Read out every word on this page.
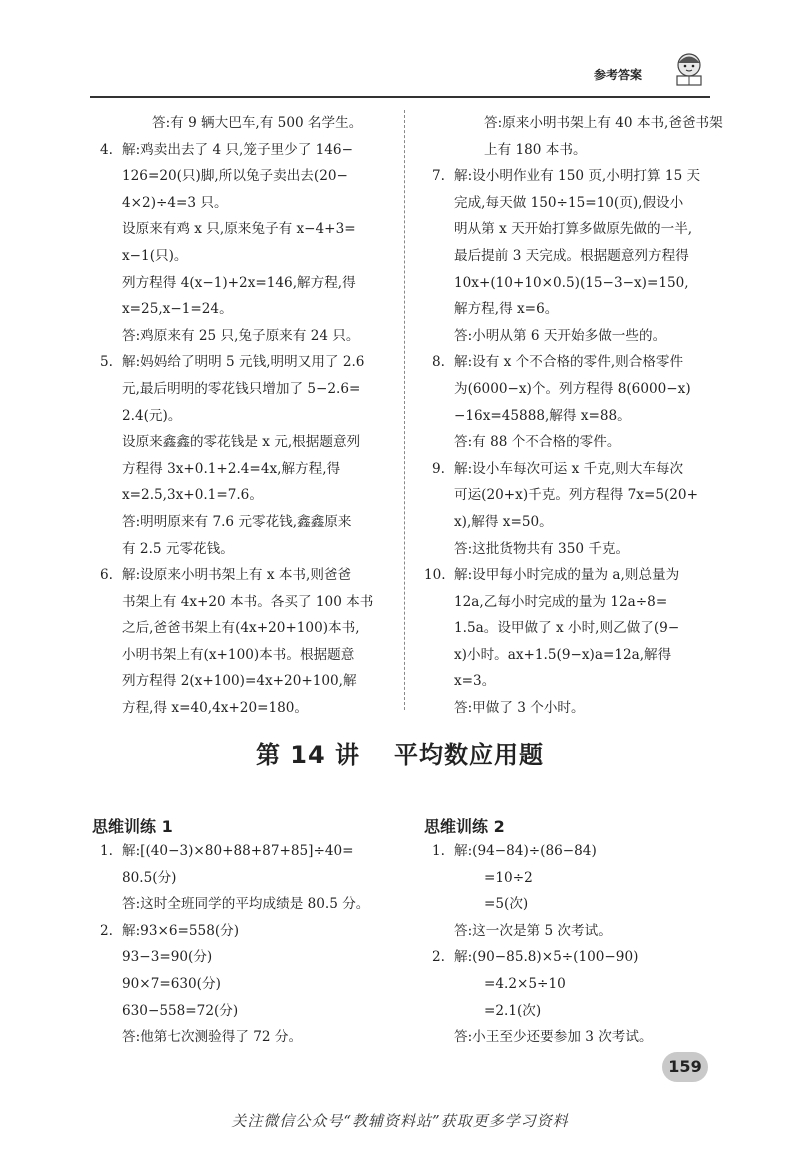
参考答案
答:有 9 辆大巴车,有 500 名学生。
4. 解:鸡卖出去了 4 只,笼子里少了 146−
126=20(只)脚,所以兔子卖出去(20−
4×2)÷4=3 只。
设原来有鸡 x 只,原来兔子有 x−4+3=
x−1(只)。
列方程得 4(x−1)+2x=146,解方程,得
x=25,x−1=24。
答:鸡原来有 25 只,兔子原来有 24 只。
5. 解:妈妈给了明明 5 元钱,明明又用了 2.6
元,最后明明的零花钱只增加了 5−2.6=
2.4(元)。
设原来鑫鑫的零花钱是 x 元,根据题意列
方程得 3x+0.1+2.4=4x,解方程,得
x=2.5,3x+0.1=7.6。
答:明明原来有 7.6 元零花钱,鑫鑫原来
有 2.5 元零花钱。
6. 解:设原来小明书架上有 x 本书,则爸爸
书架上有 4x+20 本书。各买了 100 本书
之后,爸爸书架上有(4x+20+100)本书,
小明书架上有(x+100)本书。根据题意
列方程得 2(x+100)=4x+20+100,解
方程,得 x=40,4x+20=180。
答:原来小明书架上有 40 本书,爸爸书架
上有 180 本书。
7. 解:设小明作业有 150 页,小明打算 15 天
完成,每天做 150÷15=10(页),假设小
明从第 x 天开始打算多做原先做的一半,
最后提前 3 天完成。根据题意列方程得
10x+(10+10×0.5)(15−3−x)=150,
解方程,得 x=6。
答:小明从第 6 天开始多做一些的。
8. 解:设有 x 个不合格的零件,则合格零件
为(6000−x)个。列方程得 8(6000−x)
−16x=45888,解得 x=88。
答:有 88 个不合格的零件。
9. 解:设小车每次可运 x 千克,则大车每次
可运(20+x)千克。列方程得 7x=5(20+
x),解得 x=50。
答:这批货物共有 350 千克。
10. 解:设甲每小时完成的量为 a,则总量为
12a,乙每小时完成的量为 12a÷8=
1.5a。设甲做了 x 小时,则乙做了(9−
x)小时。ax+1.5(9−x)a=12a,解得
x=3。
答:甲做了 3 个小时。
第 14 讲 平均数应用题
思维训练 1	思维训练 2
1. 解:[(40−3)×80+88+87+85]÷40=
80.5(分)
答:这时全班同学的平均成绩是 80.5 分。
2. 解:93×6=558(分)
93−3=90(分)
90×7=630(分)
630−558=72(分)
答:他第七次测验得了 72 分。
1. 解:(94−84)÷(86−84)
=10÷2
=5(次)
答:这一次是第 5 次考试。
2. 解:(90−85.8)×5÷(100−90)
=4.2×5÷10
=2.1(次)
答:小王至少还要参加 3 次考试。
159
关注微信公众号“教辅资料站”获取更多学习资料
